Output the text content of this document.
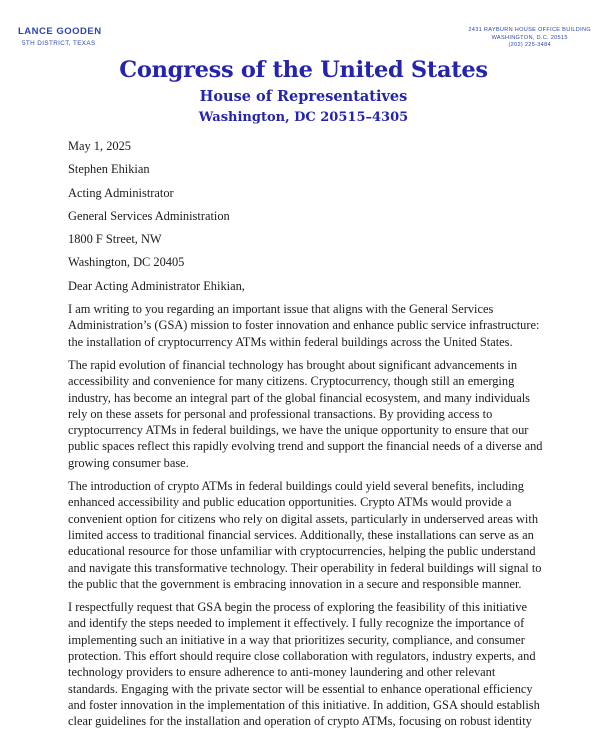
LANCE GOODEN
5TH DISTRICT, TEXAS
2431 RAYBURN HOUSE OFFICE BUILDING
WASHINGTON, D.C. 20515
(202) 225-3484
Congress of the United States
House of Representatives
Washington, DC 20515–4305

May 1, 2025

Stephen Ehikian

Acting Administrator

General Services Administration

1800 F Street, NW

Washington, DC 20405

Dear Acting Administrator Ehikian,

I am writing to you regarding an important issue that aligns with the General Services Administration’s (GSA) mission to foster innovation and enhance public service infrastructure: the installation of cryptocurrency ATMs within federal buildings across the United States.

The rapid evolution of financial technology has brought about significant advancements in accessibility and convenience for many citizens. Cryptocurrency, though still an emerging industry, has become an integral part of the global financial ecosystem, and many individuals rely on these assets for personal and professional transactions. By providing access to cryptocurrency ATMs in federal buildings, we have the unique opportunity to ensure that our public spaces reflect this rapidly evolving trend and support the financial needs of a diverse and growing consumer base.

The introduction of crypto ATMs in federal buildings could yield several benefits, including enhanced accessibility and public education opportunities. Crypto ATMs would provide a convenient option for citizens who rely on digital assets, particularly in underserved areas with limited access to traditional financial services. Additionally, these installations can serve as an educational resource for those unfamiliar with cryptocurrencies, helping the public understand and navigate this transformative technology. Their operability in federal buildings will signal to the public that the government is embracing innovation in a secure and responsible manner.

I respectfully request that GSA begin the process of exploring the feasibility of this initiative and identify the steps needed to implement it effectively. I fully recognize the importance of implementing such an initiative in a way that prioritizes security, compliance, and consumer protection. This effort should require close collaboration with regulators, industry experts, and technology providers to ensure adherence to anti-money laundering and other relevant standards. Engaging with the private sector will be essential to enhance operational efficiency and foster innovation in the implementation of this initiative. In addition, GSA should establish clear guidelines for the installation and operation of crypto ATMs, focusing on robust identity
